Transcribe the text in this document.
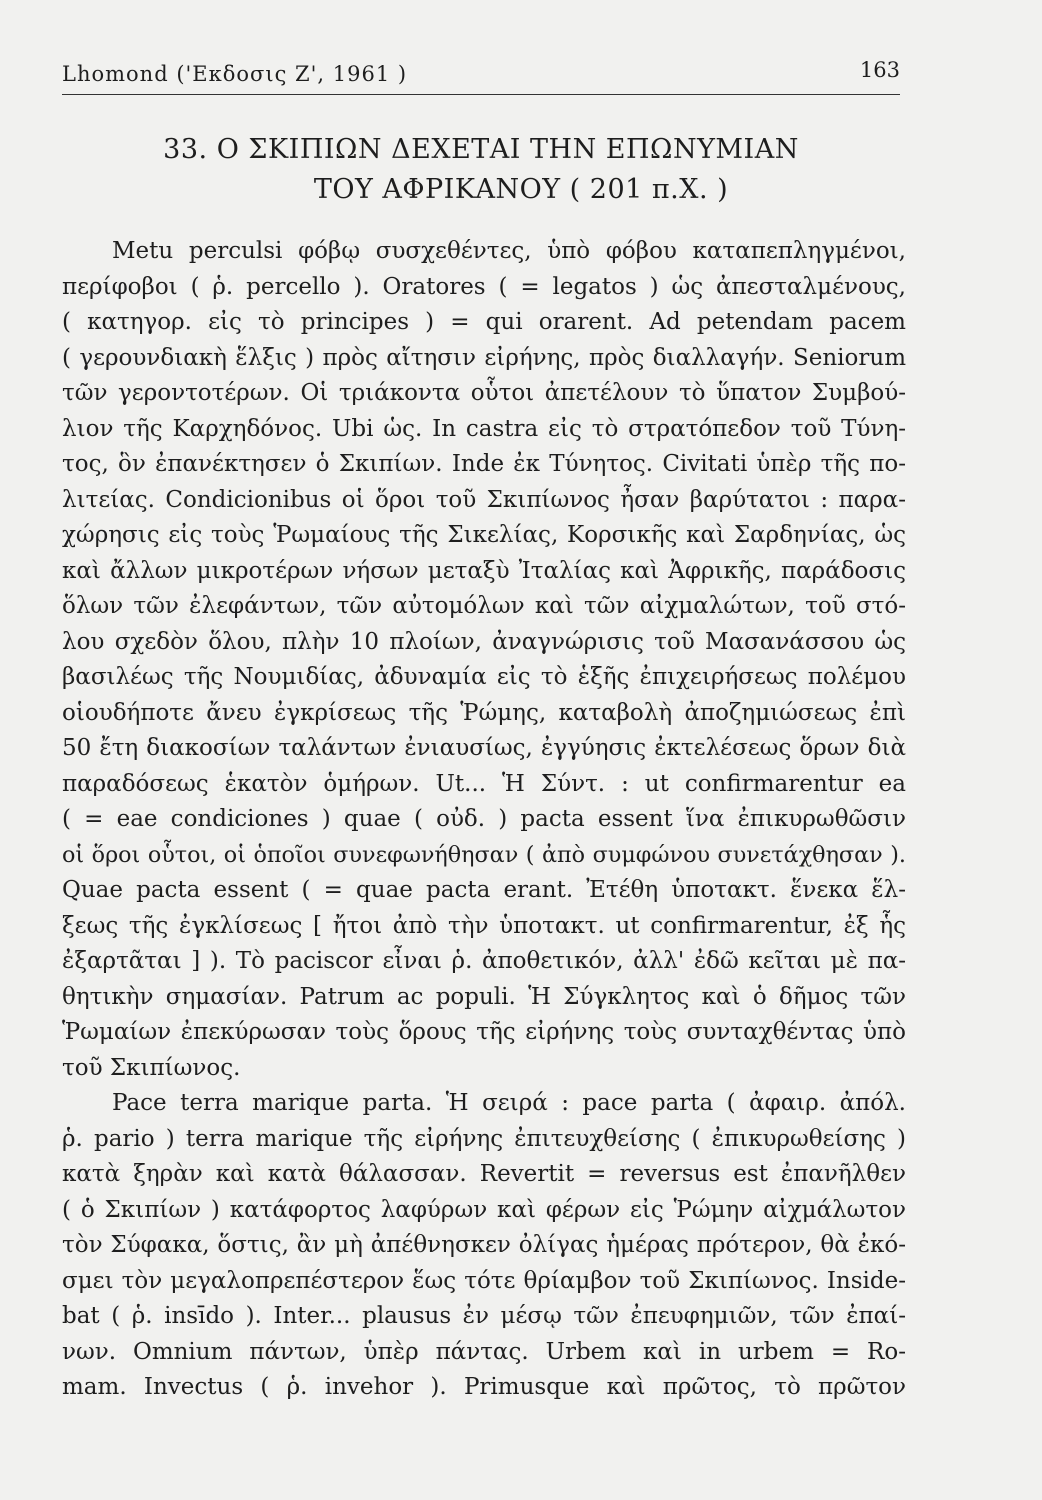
Lhomond ('Εκδοσις Ζ', 1961 )	163
33. Ο ΣΚΙΠΙΩΝ ΔΕΧΕΤΑΙ ΤΗΝ ΕΠΩΝΥΜΙΑΝ
ΤΟΥ ΑΦΡΙΚΑΝΟΥ ( 201 π.Χ. )
Metu perculsi φόβῳ συσχεθέντες, ὑπὸ φόβου καταπεπληγμένοι,
περίφοβοι ( ῥ. percello ). Oratores ( = legatos ) ὡς ἀπεσταλμένους,
( κατηγορ. εἰς τὸ principes ) = qui orarent. Ad petendam pacem
( γερουνδιακὴ ἕλξις ) πρὸς αἴτησιν εἰρήνης, πρὸς διαλλαγήν. Seniorum
τῶν γεροντοτέρων. Οἱ τριάκοντα οὗτοι ἀπετέλουν τὸ ὕπατον Συμβού-
λιον τῆς Καρχηδόνος. Ubi ὡς. In castra εἰς τὸ στρατόπεδον τοῦ Τύνη-
τος, ὃν ἐπανέκτησεν ὁ Σκιπίων. Inde ἐκ Τύνητος. Civitati ὑπὲρ τῆς πο-
λιτείας. Condicionibus οἱ ὅροι τοῦ Σκιπίωνος ἦσαν βαρύτατοι : παρα-
χώρησις εἰς τοὺς Ῥωμαίους τῆς Σικελίας, Κορσικῆς καὶ Σαρδηνίας, ὡς
καὶ ἄλλων μικροτέρων νήσων μεταξὺ Ἰταλίας καὶ Ἀφρικῆς, παράδοσις
ὅλων τῶν ἐλεφάντων, τῶν αὐτομόλων καὶ τῶν αἰχμαλώτων, τοῦ στό-
λου σχεδὸν ὅλου, πλὴν 10 πλοίων, ἀναγνώρισις τοῦ Μασανάσσου ὡς
βασιλέως τῆς Νουμιδίας, ἀδυναμία εἰς τὸ ἑξῆς ἐπιχειρήσεως πολέμου
οἱουδήποτε ἄνευ ἐγκρίσεως τῆς Ῥώμης, καταβολὴ ἀποζημιώσεως ἐπὶ
50 ἔτη διακοσίων ταλάντων ἐνιαυσίως, ἐγγύησις ἐκτελέσεως ὅρων διὰ
παραδόσεως ἑκατὸν ὁμήρων. Ut... Ἡ Σύντ. : ut confirmarentur ea
( = eae condiciones ) quae ( οὐδ. ) pacta essent ἵνα ἐπικυρωθῶσιν
οἱ ὅροι οὗτοι, οἱ ὁποῖοι συνεφωνήθησαν ( ἀπὸ συμφώνου συνετάχθησαν ).
Quae pacta essent ( = quae pacta erant. Ἐτέθη ὑποτακτ. ἕνεκα ἕλ-
ξεως τῆς ἐγκλίσεως [ ἤτοι ἀπὸ τὴν ὑποτακτ. ut confirmarentur, ἐξ ἧς
ἐξαρτᾶται ] ). Τὸ paciscor εἶναι ῥ. ἀποθετικόν, ἀλλ' ἐδῶ κεῖται μὲ πα-
θητικὴν σημασίαν. Patrum ac populi. Ἡ Σύγκλητος καὶ ὁ δῆμος τῶν
Ῥωμαίων ἐπεκύρωσαν τοὺς ὅρους τῆς εἰρήνης τοὺς συνταχθέντας ὑπὸ
τοῦ Σκιπίωνος.
Pace terra marique parta. Ἡ σειρά : pace parta ( ἀφαιρ. ἀπόλ.
ῥ. pario ) terra marique τῆς εἰρήνης ἐπιτευχθείσης ( ἐπικυρωθείσης )
κατὰ ξηρὰν καὶ κατὰ θάλασσαν. Revertit = reversus est ἐπανῆλθεν
( ὁ Σκιπίων ) κατάφορτος λαφύρων καὶ φέρων εἰς Ῥώμην αἰχμάλωτον
τὸν Σύφακα, ὅστις, ἂν μὴ ἀπέθνησκεν ὀλίγας ἡμέρας πρότερον, θὰ ἐκό-
σμει τὸν μεγαλοπρεπέστερον ἕως τότε θρίαμβον τοῦ Σκιπίωνος. Inside-
bat ( ῥ. insīdo ). Inter... plausus ἐν μέσῳ τῶν ἐπευφημιῶν, τῶν ἐπαί-
νων. Omnium πάντων, ὑπὲρ πάντας. Urbem καὶ in urbem = Ro-
mam. Invectus ( ῥ. invehor ). Primusque καὶ πρῶτος, τὸ πρῶτον
